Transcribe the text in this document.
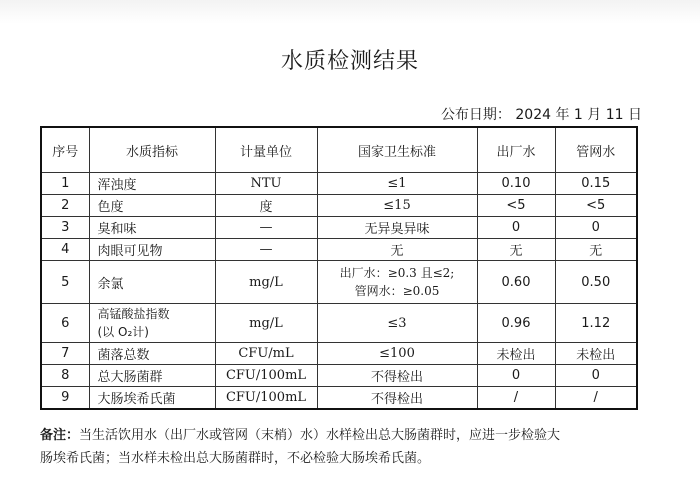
水质检测结果
公布日期： 2024 年 1 月 11 日
序号	水质指标	计量单位	国家卫生标准	出厂水	管网水
1	浑浊度	NTU	≤1	0.10	0.15
2	色度	度	≤15	<5	<5
3	臭和味	—	无异臭异味	0	0
4	肉眼可见物	—	无	无	无
5	余氯	mg/L	出厂水：≥0.3 且≤2;
管网水：≥0.05	0.60	0.50
6	高锰酸盐指数
(以 O₂计)	mg/L	≤3	0.96	1.12
7	菌落总数	CFU/mL	≤100	未检出	未检出
8	总大肠菌群	CFU/100mL	不得检出	0	0
9	大肠埃希氏菌	CFU/100mL	不得检出	/	/
备注：当生活饮用水（出厂水或管网（末梢）水）水样检出总大肠菌群时，应进一步检验大
肠埃希氏菌；当水样未检出总大肠菌群时，不必检验大肠埃希氏菌。
